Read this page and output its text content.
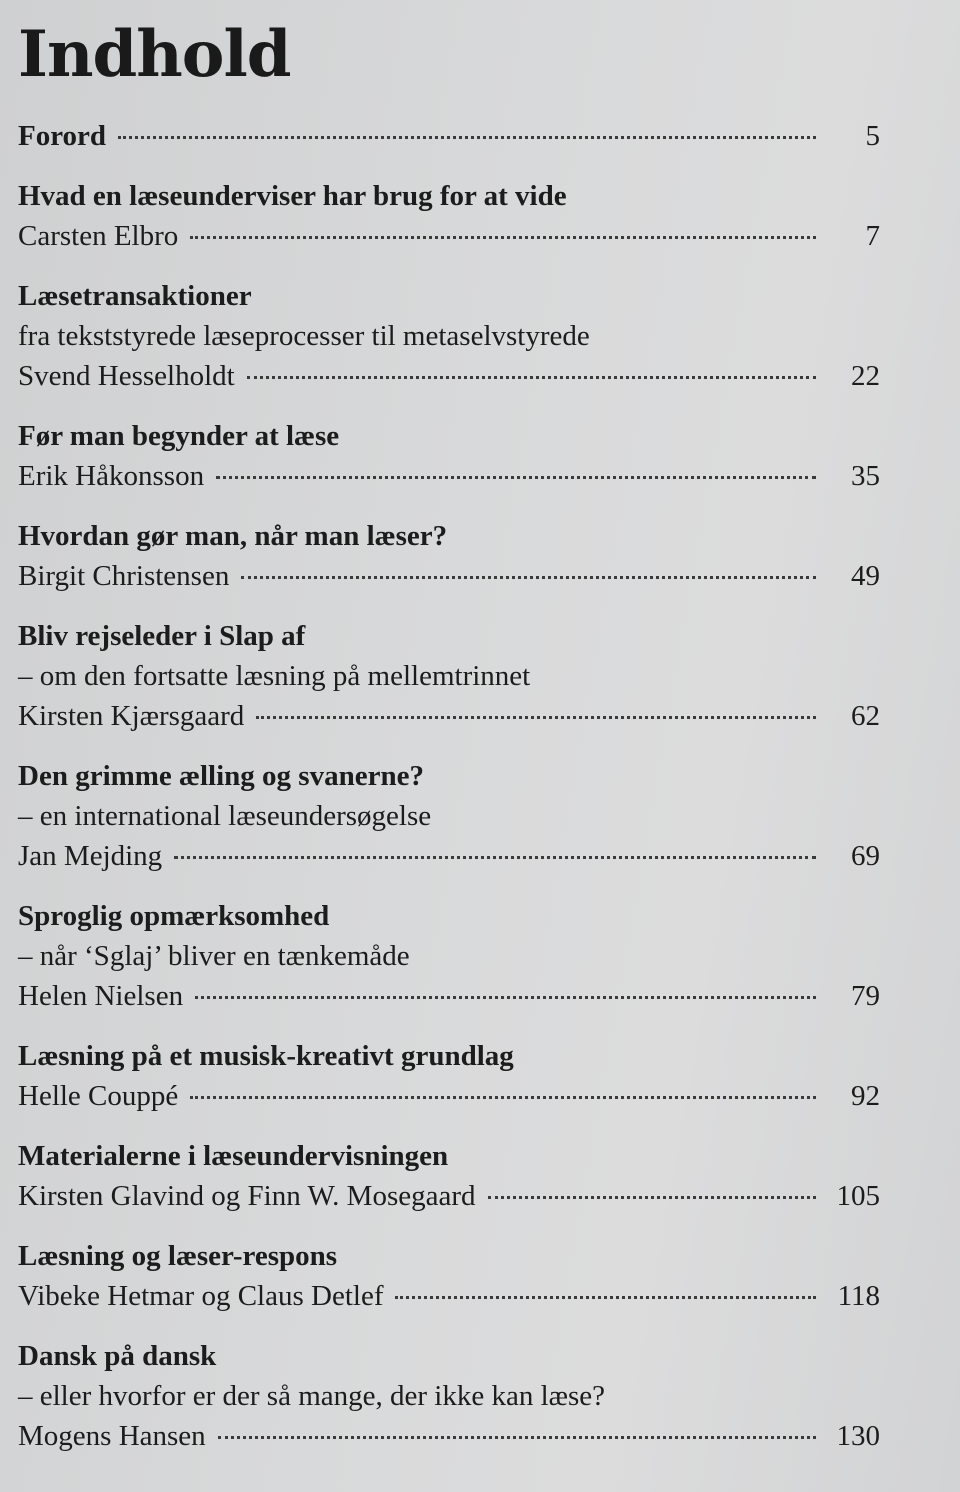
Indhold
Forord	5
Hvad en læseunderviser har brug for at vide
Carsten Elbro	7
Læsetransaktioner
fra tekststyrede læseprocesser til metaselvstyrede
Svend Hesselholdt	22
Før man begynder at læse
Erik Håkonsson	35
Hvordan gør man, når man læser?
Birgit Christensen	49
Bliv rejseleder i Slap af
– om den fortsatte læsning på mellemtrinnet
Kirsten Kjærsgaard	62
Den grimme ælling og svanerne?
– en international læseundersøgelse
Jan Mejding	69
Sproglig opmærksomhed
– når ‘Sglaj’ bliver en tænkemåde
Helen Nielsen	79
Læsning på et musisk-kreativt grundlag
Helle Couppé	92
Materialerne i læseundervisningen
Kirsten Glavind og Finn W. Mosegaard	105
Læsning og læser-respons
Vibeke Hetmar og Claus Detlef	118
Dansk på dansk
– eller hvorfor er der så mange, der ikke kan læse?
Mogens Hansen	130
